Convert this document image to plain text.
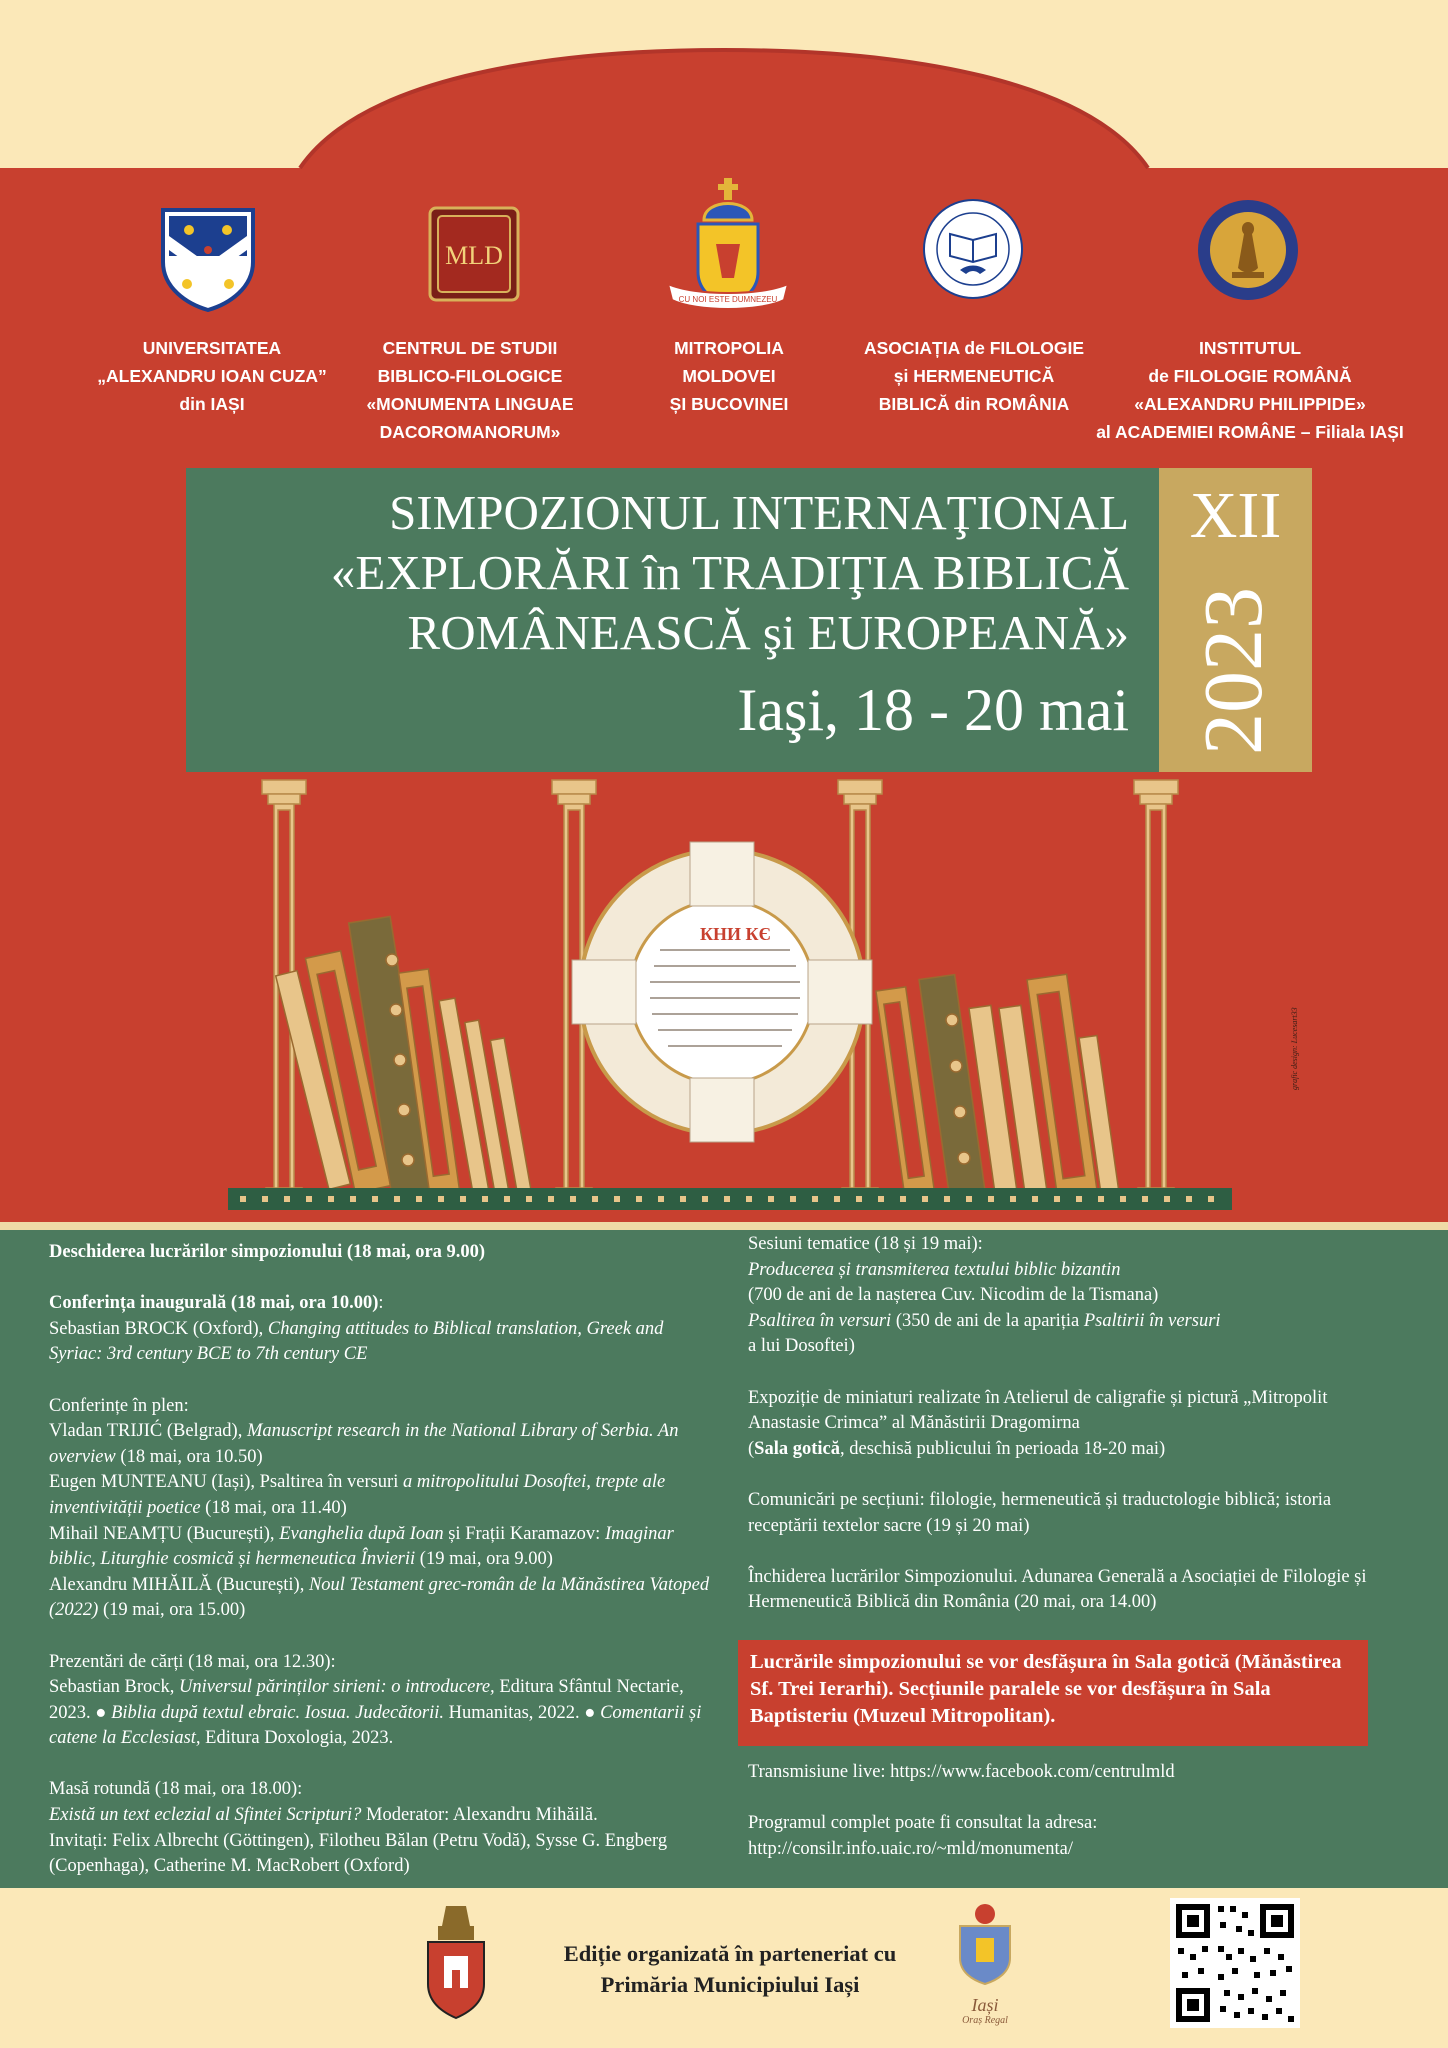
MLD
CU NOI ESTE DUMNEZEU
UNIVERSITATEA
„ALEXANDRU IOAN CUZA”
din IAȘI
CENTRUL DE STUDII
BIBLICO-FILOLOGICE
«MONUMENTA LINGUAE
DACOROMANORUM»
MITROPOLIA
MOLDOVEI
ȘI BUCOVINEI
ASOCIAȚIA de FILOLOGIE
și HERMENEUTICĂ
BIBLICĂ din ROMÂNIA
INSTITUTUL
de FILOLOGIE ROMÂNĂ
«ALEXANDRU PHILIPPIDE»
al ACADEMIEI ROMÂNE – Filiala IAȘI
SIMPOZIONUL INTERNAŢIONAL
«EXPLORĂRI în TRADIŢIA BIBLICĂ
ROMÂNEASCĂ şi EUROPEANĂ»
Iaşi, 18 - 20 mai
XII
2023
КНИ КЄ
grafic design: Lucesart33

Deschiderea lucrărilor simpozionului (18 mai, ora 9.00)

Conferința inaugurală (18 mai, ora 10.00):

Sebastian BROCK (Oxford), Changing attitudes to Biblical translation, Greek and Syriac: 3rd century BCE to 7th century CE

Conferințe în plen:

Vladan TRIJIĆ (Belgrad), Manuscript research in the National Library of Serbia. An overview (18 mai, ora 10.50)

Eugen MUNTEANU (Iași), Psaltirea în versuri a mitropolitului Dosoftei, trepte ale inventivității poetice (18 mai, ora 11.40)

Mihail NEAMȚU (București), Evanghelia după Ioan și Frații Karamazov: Imaginar biblic, Liturghie cosmică și hermeneutica Învierii (19 mai, ora 9.00)

Alexandru MIHĂILĂ (București), Noul Testament grec-român de la Mănăstirea Vatoped (2022) (19 mai, ora 15.00)

Prezentări de cărți (18 mai, ora 12.30):

Sebastian Brock, Universul părinților sirieni: o introducere, Editura Sfântul Nectarie, 2023. ● Biblia după textul ebraic. Iosua. Judecătorii. Humanitas, 2022. ● Comentarii și catene la Ecclesiast, Editura Doxologia, 2023.

Masă rotundă (18 mai, ora 18.00):

Există un text eclezial al Sfintei Scripturi? Moderator: Alexandru Mihăilă.

Invitați: Felix Albrecht (Göttingen), Filotheu Bălan (Petru Vodă), Sysse G. Engberg (Copenhaga), Catherine M. MacRobert (Oxford)

Sesiuni tematice (18 și 19 mai):

Producerea și transmiterea textului biblic bizantin

(700 de ani de la nașterea Cuv. Nicodim de la Tismana)

Psaltirea în versuri (350 de ani de la apariția Psaltirii în versuri

a lui Dosoftei)

Expoziție de miniaturi realizate în Atelierul de caligrafie și pictură „Mitropolit Anastasie Crimca” al Mănăstirii Dragomirna

(Sala gotică, deschisă publicului în perioada 18-20 mai)

Comunicări pe secțiuni: filologie, hermeneutică și traductologie biblică; istoria receptării textelor sacre (19 și 20 mai)

Închiderea lucrărilor Simpozionului. Adunarea Generală a Asociației de Filologie și Hermeneutică Biblică din România (20 mai, ora 14.00)

Lucrările simpozionului se vor desfășura în Sala gotică (Mănăstirea Sf. Trei Ierarhi). Secțiunile paralele se vor desfășura în Sala Baptisteriu (Muzeul Mitropolitan).

Transmisiune live: https://www.facebook.com/centrulmld

Programul complet poate fi consultat la adresa:

http://consilr.info.uaic.ro/~mld/monumenta/

Ediție organizată în parteneriat cu
Primăria Municipiului Iași
Iași
Oraș Regal
